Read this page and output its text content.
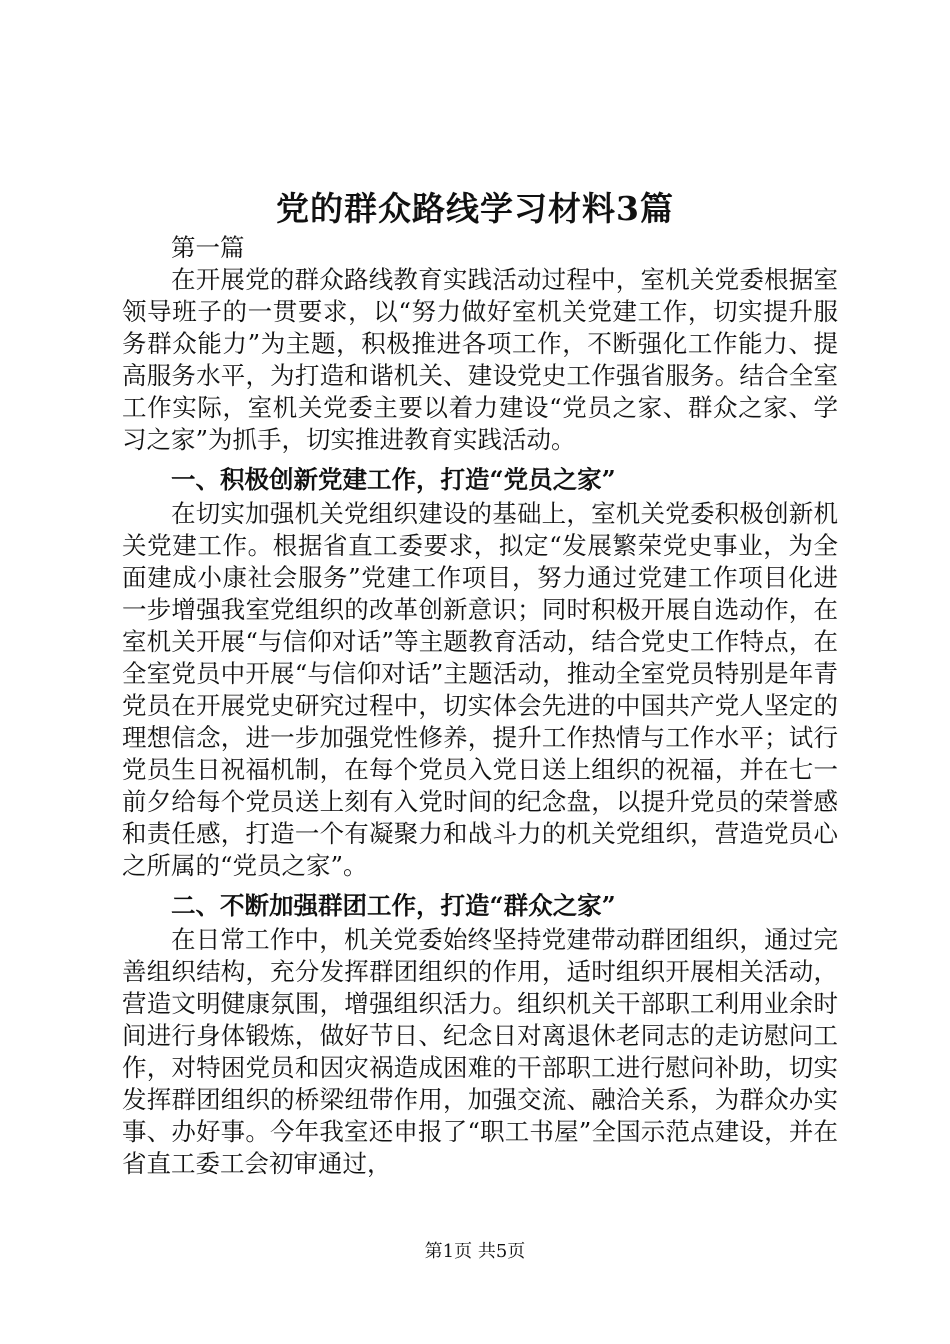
党的群众路线学习材料3篇

第一篇

在开展党的群众路线教育实践活动过程中，室机关党委根据室领导班子的一贯要求，以“努力做好室机关党建工作，切实提升服务群众能力”为主题，积极推进各项工作，不断强化工作能力、提高服务水平，为打造和谐机关、建设党史工作强省服务。结合全室工作实际，室机关党委主要以着力建设“党员之家、群众之家、学习之家”为抓手，切实推进教育实践活动。

一、积极创新党建工作，打造“党员之家”

在切实加强机关党组织建设的基础上，室机关党委积极创新机关党建工作。根据省直工委要求，拟定“发展繁荣党史事业，为全面建成小康社会服务”党建工作项目，努力通过党建工作项目化进一步增强我室党组织的改革创新意识；同时积极开展自选动作，在室机关开展“与信仰对话”等主题教育活动，结合党史工作特点，在全室党员中开展“与信仰对话”主题活动，推动全室党员特别是年青党员在开展党史研究过程中，切实体会先进的中国共产党人坚定的理想信念，进一步加强党性修养，提升工作热情与工作水平；试行党员生日祝福机制，在每个党员入党日送上组织的祝福，并在七一前夕给每个党员送上刻有入党时间的纪念盘，以提升党员的荣誉感和责任感，打造一个有凝聚力和战斗力的机关党组织，营造党员心之所属的“党员之家”。

二、不断加强群团工作，打造“群众之家”

在日常工作中，机关党委始终坚持党建带动群团组织，通过完善组织结构，充分发挥群团组织的作用，适时组织开展相关活动，营造文明健康氛围，增强组织活力。组织机关干部职工利用业余时间进行身体锻炼，做好节日、纪念日对离退休老同志的走访慰问工作，对特困党员和因灾祸造成困难的干部职工进行慰问补助，切实发挥群团组织的桥梁纽带作用，加强交流、融洽关系，为群众办实事、办好事。今年我室还申报了“职工书屋”全国示范点建设，并在省直工委工会初审通过，

第1页 共5页
